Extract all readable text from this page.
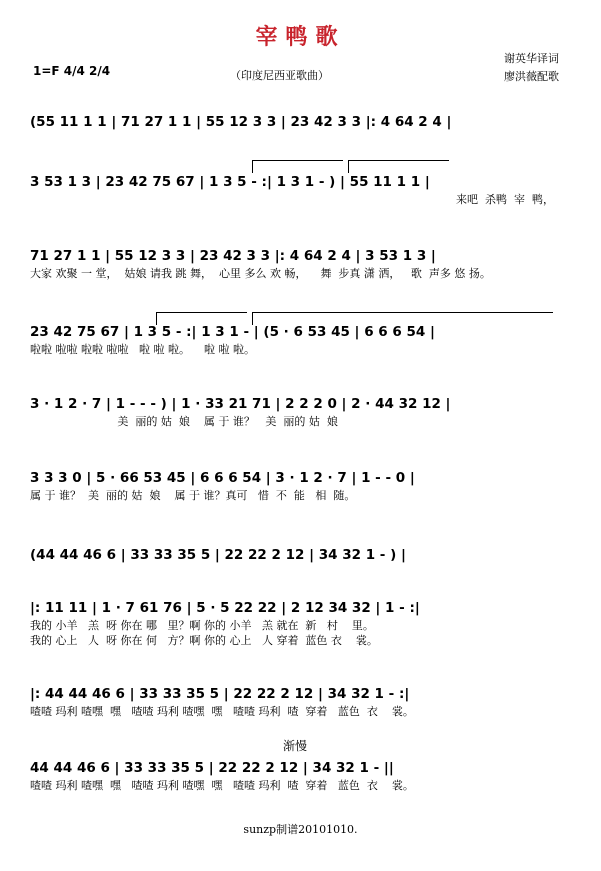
宰鸭歌
1=F 4/4 2/4	（印度尼西亚歌曲）
谢英华译词
廖洪薇配歌
(55 11 1 1 | 71 27 1 1 | 55 12 3 3 | 23 42 3 3 |: 4 64 2 4 |
3 53 1 3 | 23 42 75 67 | 1 3 5 - :| 1 3 1 - ) | 55 11 1 1 |
来吧  杀鸭  宰  鸭，
71 27 1 1 | 55 12 3 3 | 23 42 3 3 |: 4 64 2 4 | 3 53 1 3 |
大家 欢聚 一 堂，  姑娘 请我 跳 舞，  心里 多么 欢 畅，    舞  步真 潇 洒，   歌  声多 悠 扬。
23 42 75 67 | 1 3 5 - :| 1 3 1 - | (5 · 6 53 45 | 6 6 6 54 |
啦啦 啦啦 啦啦 啦啦   啦 啦 啦。    啦 啦 啦。
3 · 1 2 · 7 | 1 - - - ) | 1 · 33 21 71 | 2 2 2 0 | 2 · 44 32 12 |
美  丽的 姑  娘    属 于 谁？   美  丽的 姑  娘
3 3 3 0 | 5 · 66 53 45 | 6 6 6 54 | 3 · 1 2 · 7 | 1 - - 0 |
属 于 谁？  美  丽的 姑  娘    属 于 谁？真可   惜  不  能   相  随。
(44 44 46 6 | 33 33 35 5 | 22 22 2 12 | 34 32 1 - ) |
|: 11 11 | 1 · 7 61 76 | 5 · 5 22 22 | 2 12 34 32 | 1 - :|
我的 小羊   羔  呀 你在 哪   里？啊 你的 小羊   羔 就在  新   村    里。
我的 心上   人  呀 你在 何   方？啊 你的 心上   人 穿着  蓝色 衣    裳。
|: 44 44 46 6 | 33 33 35 5 | 22 22 2 12 | 34 32 1 - :|
喳喳 玛利 喳嘿  嘿   喳喳 玛利 喳嘿  嘿   喳喳 玛利  喳  穿着   蓝色  衣    裳。
渐慢
44 44 46 6 | 33 33 35 5 | 22 22 2 12 | 34 32 1 - ||
喳喳 玛利 喳嘿  嘿   喳喳 玛利 喳嘿  嘿   喳喳 玛利  喳  穿着   蓝色  衣    裳。
sunzp制谱20101010.
